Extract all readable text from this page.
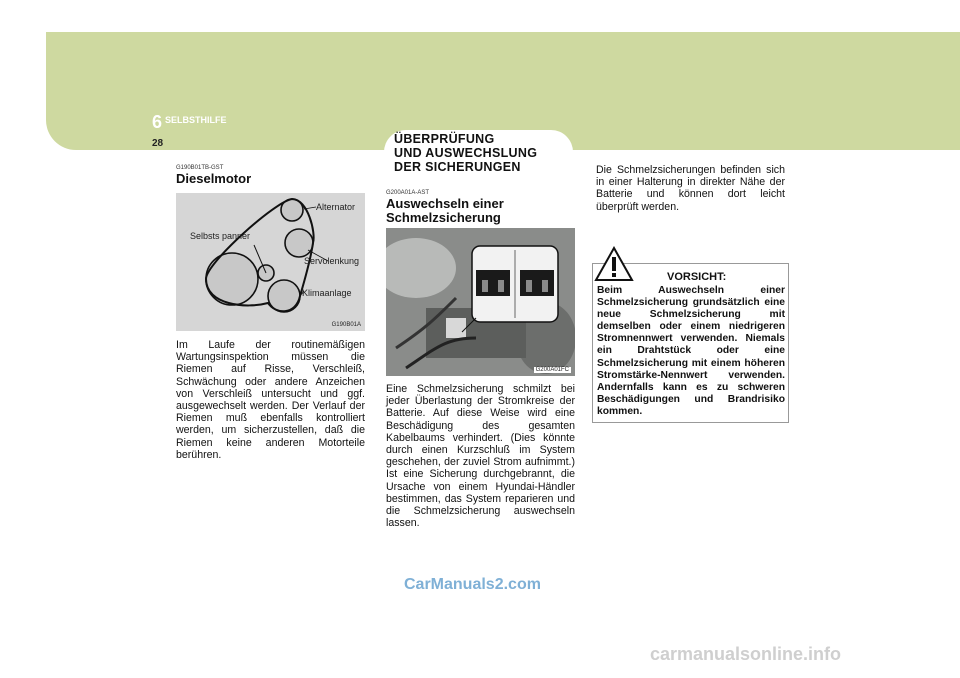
6 SELBSTHILFE
28	ÜBERPRÜFUNG
UND AUSWECHSLUNG
DER SICHERUNGEN
G190B01TB-GST
Dieselmotor
Alternator
Selbsts panner
Servolenkung
Klimaanlage
G190B01A
Im Laufe der routinemäßigen Wartungsinspektion müssen die Riemen auf Risse, Verschleiß, Schwächung oder andere Anzeichen von Verschleiß untersucht und ggf. ausgewechselt werden. Der Verlauf der Riemen muß ebenfalls kontrolliert werden, um sicherzustellen, daß die Riemen keine anderen Motorteile berühren.
G200A01A-AST
Auswechseln einer
Schmelzsicherung
G200A01FC
Eine Schmelzsicherung schmilzt bei jeder Überlastung der Stromkreise der Batterie. Auf diese Weise wird eine Beschädigung des gesamten Kabelbaums verhindert. (Dies könnte durch einen Kurzschluß im System geschehen, der zuviel Strom aufnimmt.) Ist eine Sicherung durchgebrannt, die Ursache von einem Hyundai-Händler bestimmen, das System reparieren und die Schmelzsicherung auswechseln lassen.
Die Schmelzsicherungen befinden sich in einer Halterung in direkter Nähe der Batterie und können dort leicht überprüft werden.
VORSICHT:
Beim Auswechseln einer Schmelzsicherung grundsätzlich eine neue Schmelzsicherung mit demselben oder einem niedrigeren Stromnennwert verwenden. Niemals ein Drahtstück oder eine Schmelzsicherung mit einem höheren Stromstärke-Nennwert verwenden. Andernfalls kann es zu schweren Beschädigungen und Brandrisiko kommen.
CarManuals2.com
carmanualsonline.info
